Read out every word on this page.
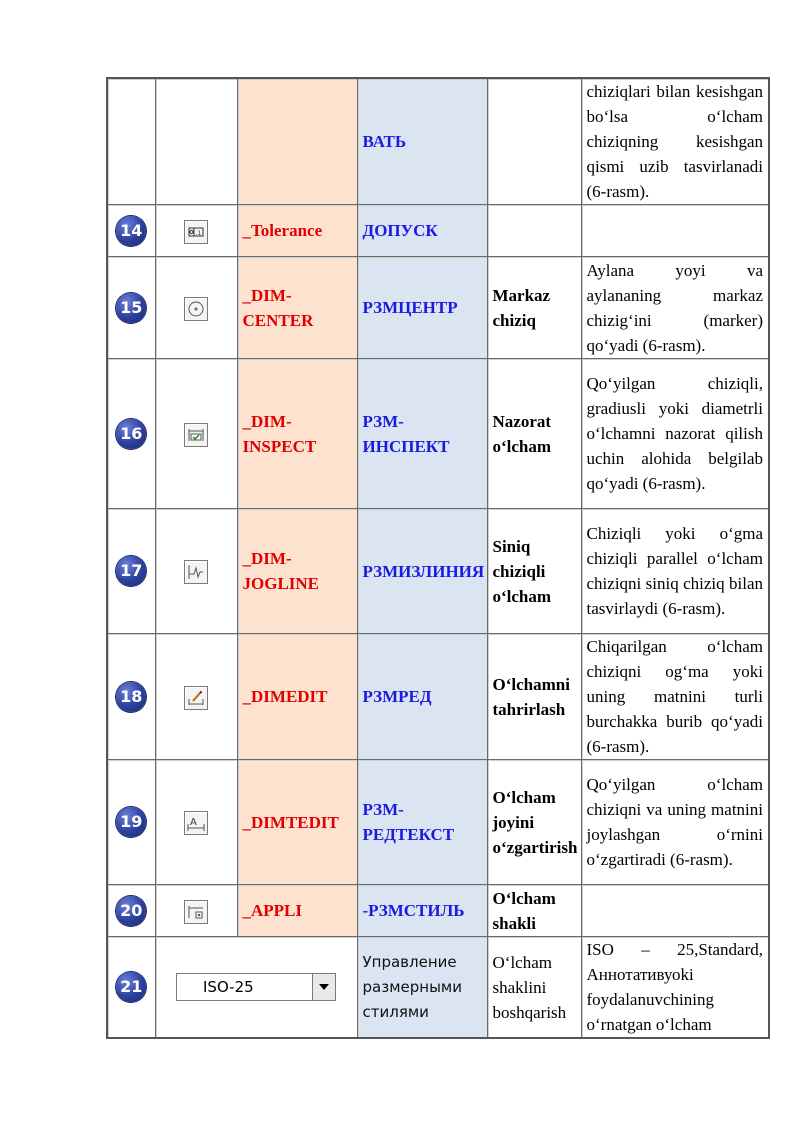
			ВАТЬ		chiziqlari bilan kesishgan bo‘lsa o‘lcham chiziqning kesishgan qismi uzib tasvirlanadi (6-rasm).
14	.1	_Tolerance	ДОПУСК		
15		_DIM-CENTER	РЗМЦЕНТР	Markaz chiziq	Aylana yoyi va aylananing markaz chizig‘ini (marker) qo‘yadi (6-rasm).
16		_DIM-INSPECT	РЗМ-ИНСПЕКТ	Nazorat o‘lcham	Qo‘yilgan chiziqli, gradiusli yoki diametrli o‘lchamni nazorat qilish uchin alohida belgilab qo‘yadi (6-rasm).
17		_DIM-JOGLINE	РЗМИЗЛИНИЯ	Siniq chiziqli o‘lcham	Chiziqli yoki o‘gma chiziqli parallel o‘lcham chiziqni siniq chiziq bilan tasvirlaydi (6-rasm).
18		_DIMEDIT	РЗМРЕД	O‘lchamni tahrirlash	Chiqarilgan o‘lcham chiziqni og‘ma yoki uning matnini turli burchakka burib qo‘yadi (6-rasm).
19	A	_DIMTEDIT	РЗМ-РЕДТЕКСТ	O‘lcham joyini o‘zgartirish	Qo‘yilgan o‘lcham chiziqni va uning matnini joylashgan o‘rnini o‘zgartiradi (6-rasm).
20		_APPLI	-РЗМСТИЛЬ	O‘lcham shakli	
21	ISO-25		Управление размерными стилями	O‘lcham shaklini boshqarish	ISO – 25,Standard, Аннотативуоki foydalanuvchining o‘rnatgan o‘lcham
